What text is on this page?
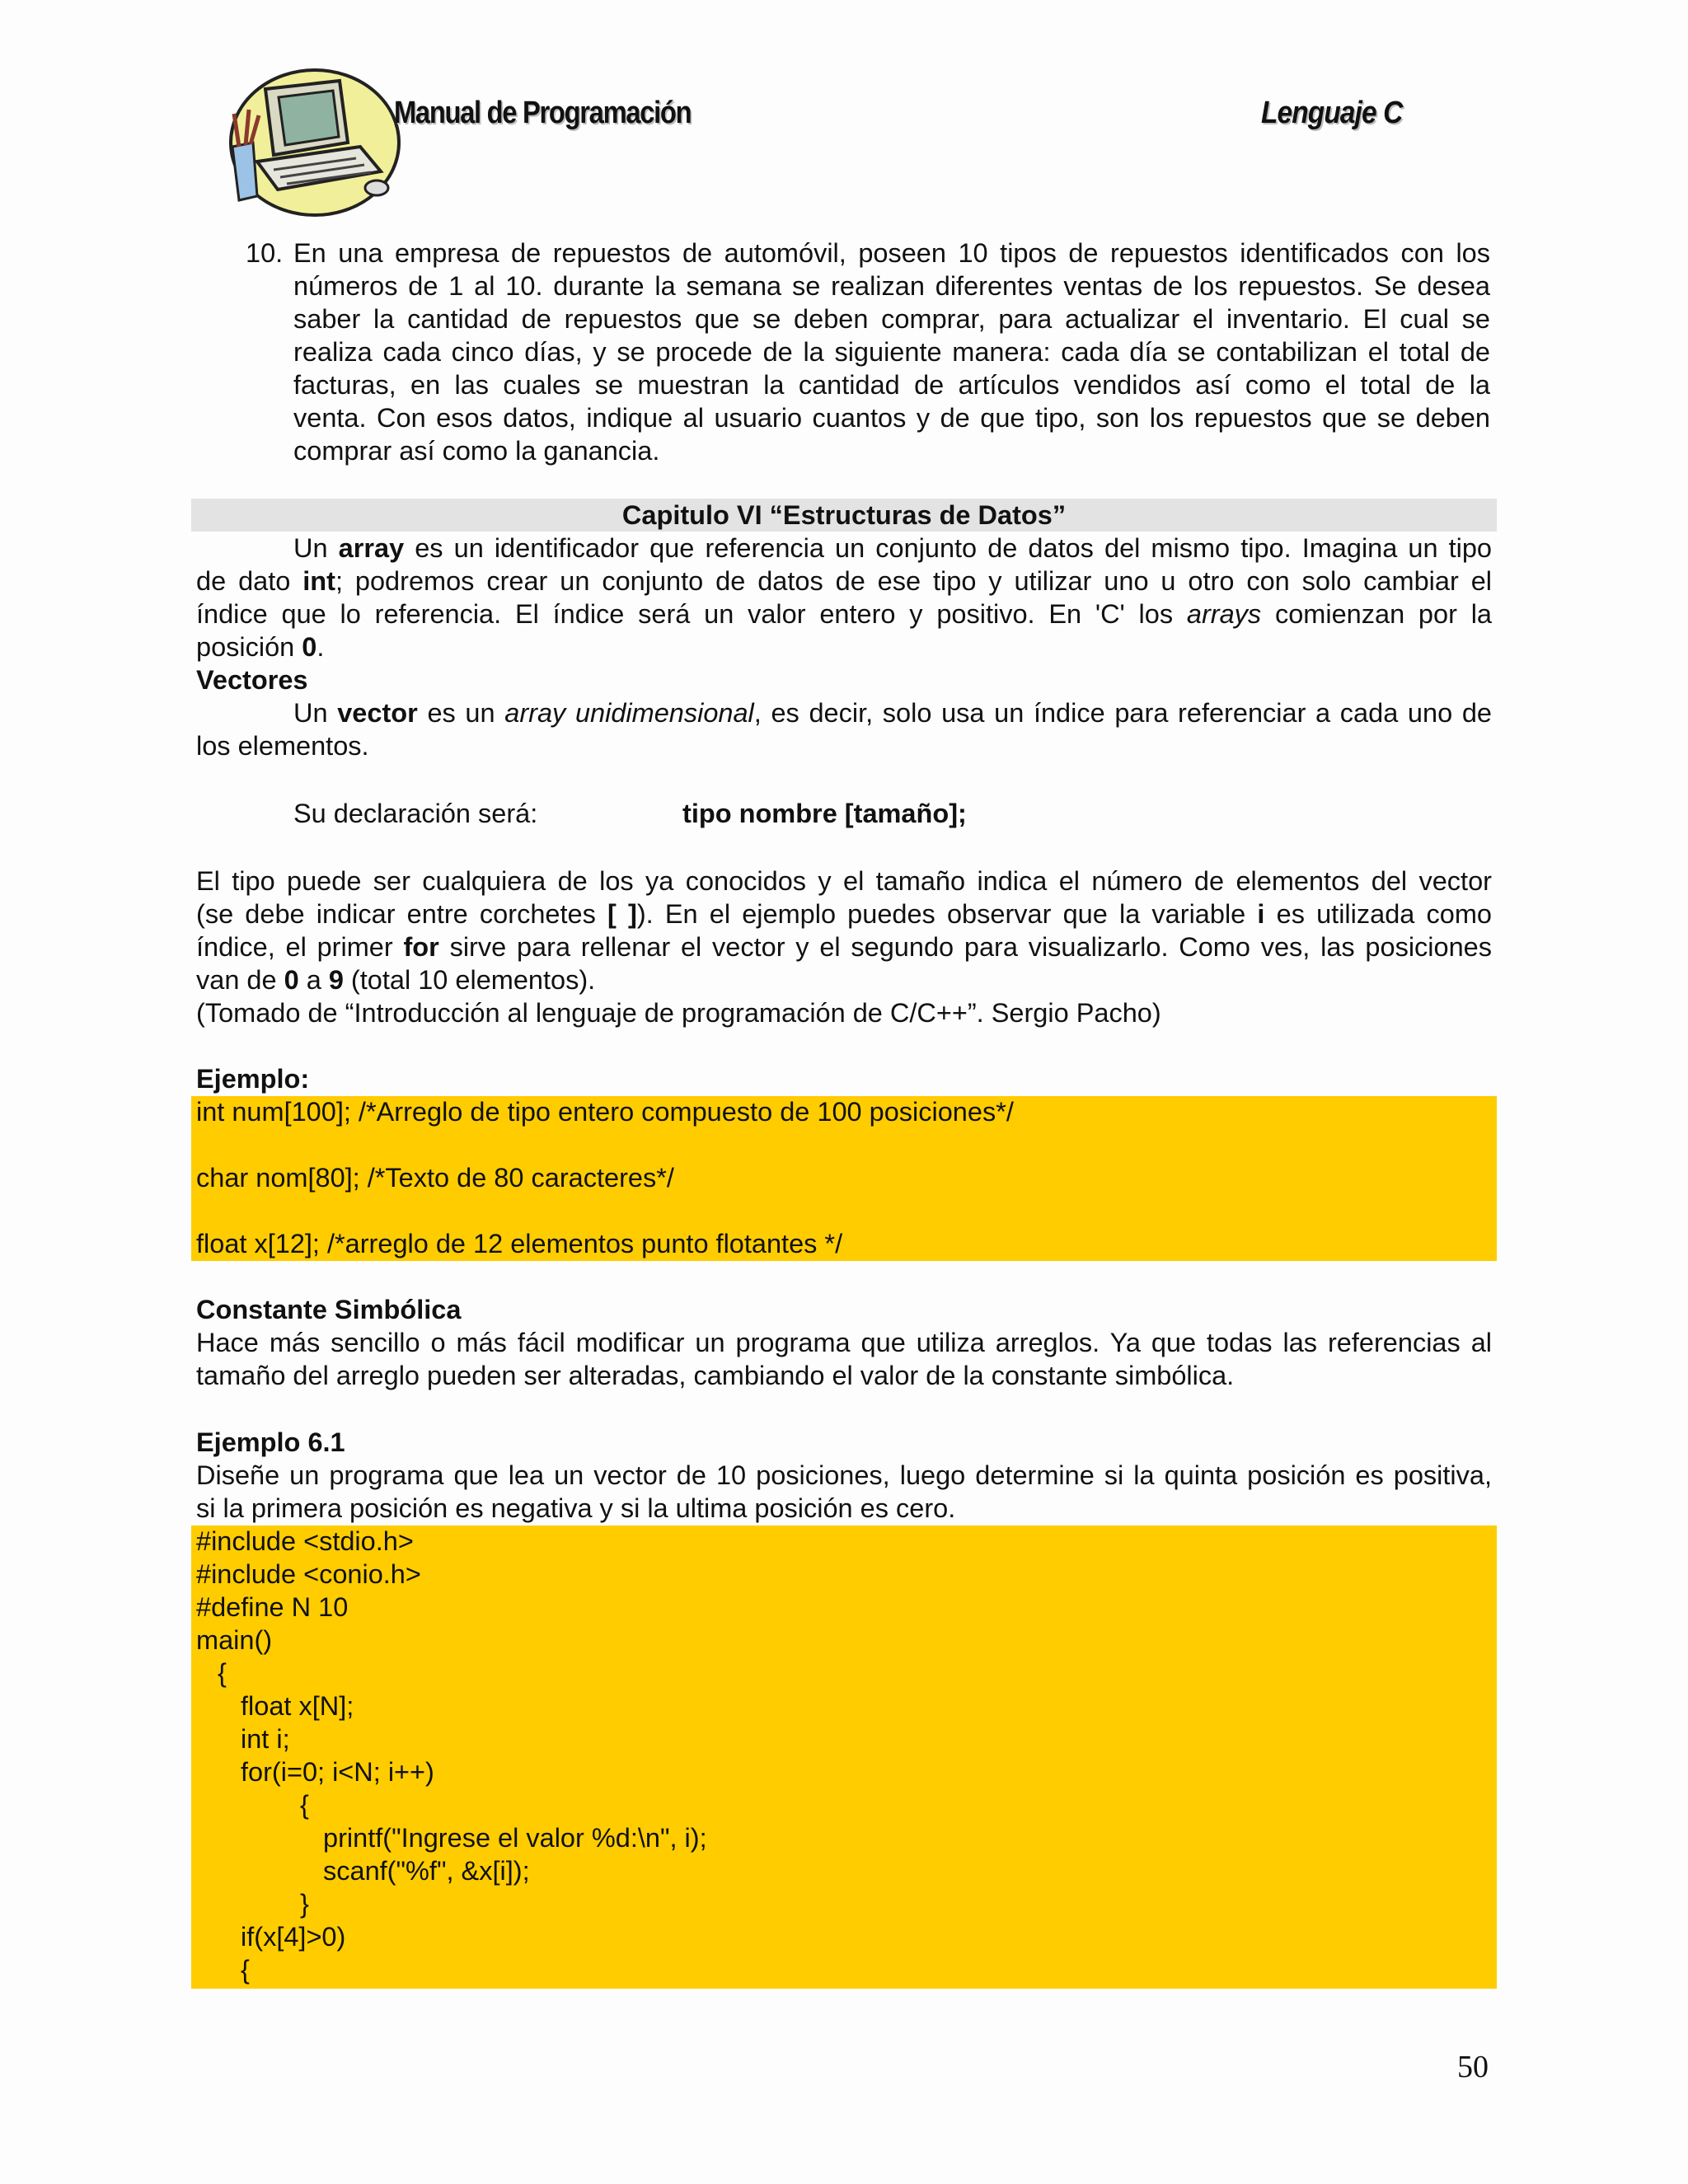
Manual de Programación	Lenguaje C
10. En una empresa de repuestos de automóvil, poseen 10 tipos de repuestos identificados con los
números de 1 al 10. durante la semana se realizan diferentes ventas de los repuestos. Se desea
saber la cantidad de repuestos que se deben comprar, para actualizar el inventario. El cual se
realiza cada cinco días, y se procede de la siguiente manera: cada día se contabilizan el total de
facturas, en las cuales se muestran la cantidad de artículos vendidos así como el total de la
venta. Con esos datos, indique al usuario cuantos y de que tipo, son los repuestos que se deben
comprar así como la ganancia.
Capitulo VI “Estructuras de Datos”
Un array es un identificador que referencia un conjunto de datos del mismo tipo. Imagina un tipo
de dato int; podremos crear un conjunto de datos de ese tipo y utilizar uno u otro con solo cambiar el
índice que lo referencia. El índice será un valor entero y positivo. En 'C' los arrays comienzan por la
posición 0.
Vectores
Un vector es un array unidimensional, es decir, solo usa un índice para referenciar a cada uno de
los elementos.
Su declaración será:	tipo nombre [tamaño];
El tipo puede ser cualquiera de los ya conocidos y el tamaño indica el número de elementos del vector
(se debe indicar entre corchetes [ ]). En el ejemplo puedes observar que la variable i es utilizada como
índice, el primer for sirve para rellenar el vector y el segundo para visualizarlo. Como ves, las posiciones
van de 0 a 9 (total 10 elementos).
(Tomado de “Introducción al lenguaje de programación de C/C++”. Sergio Pacho)
Ejemplo:
int num[100]; /*Arreglo de tipo entero compuesto de 100 posiciones*/
char nom[80]; /*Texto de 80 caracteres*/
float x[12]; /*arreglo de 12 elementos punto flotantes */
Constante Simbólica
Hace más sencillo o más fácil modificar un programa que utiliza arreglos. Ya que todas las referencias al
tamaño del arreglo pueden ser alteradas, cambiando el valor de la constante simbólica.
Ejemplo 6.1
Diseñe un programa que lea un vector de 10 posiciones, luego determine si la quinta posición es positiva,
si la primera posición es negativa y si la ultima posición es cero.
#include <stdio.h>
#include <conio.h>
#define N 10
main()
{
float x[N];
int i;
for(i=0; i<N; i++)
{
printf("Ingrese el valor %d:\n", i);
scanf("%f", &x[i]);
}
if(x[4]>0)
{
50
